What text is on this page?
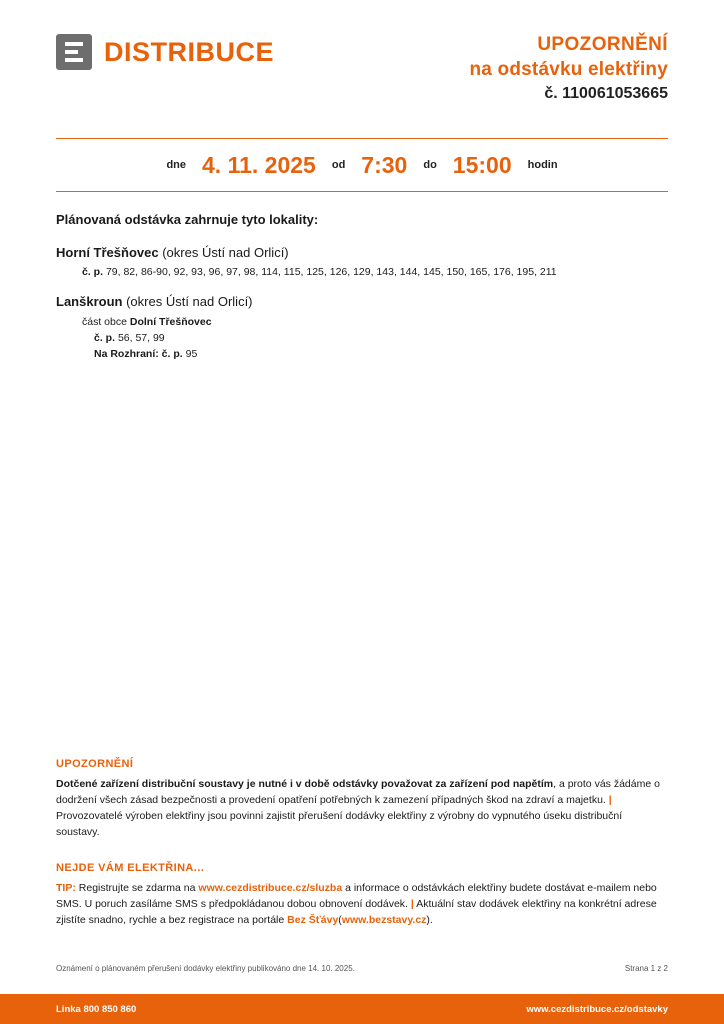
DISTRIBUCE	UPOZORNĚNÍ
na odstávku elektřiny
č. 110061053665
dne 4. 11. 2025	od 7:30	do 15:00	hodin
Plánovaná odstávka zahrnuje tyto lokality:
Horní Třešňovec (okres Ústí nad Orlicí)
č. p. 79, 82, 86-90, 92, 93, 96, 97, 98, 114, 115, 125, 126, 129, 143, 144, 145, 150, 165, 176, 195, 211
Lanškroun (okres Ústí nad Orlicí)
část obce Dolní Třešňovec
č. p. 56, 57, 99
Na Rozhraní: č. p. 95
UPOZORNĚNÍ
Dotčené zařízení distribuční soustavy je nutné i v době odstávky považovat za zařízení pod napětím, a proto vás žádáme o dodržení všech zásad bezpečnosti a provedení opatření potřebných k zamezení případných škod na zdraví a majetku. | Provozovatelé výroben elektřiny jsou povinni zajistit přerušení dodávky elektřiny z výrobny do vypnutého úseku distribuční soustavy.
NEJDE VÁM ELEKTŘINA...
TIP: Registrujte se zdarma na www.cezdistribuce.cz/sluzba a informace o odstávkách elektřiny budete dostávat e-mailem nebo SMS. U poruch zasíláme SMS s předpokládanou dobou obnovení dodávek. | Aktuální stav dodávek elektřiny na konkrétní adrese zjistíte snadno, rychle a bez registrace na portále Bez Šťávy(www.bezstavy.cz).
Oznámení o plánovaném přerušení dodávky elektřiny publikováno dne 14. 10. 2025.	Strana 1 z 2
Linka 800 850 860	www.cezdistribuce.cz/odstavky
